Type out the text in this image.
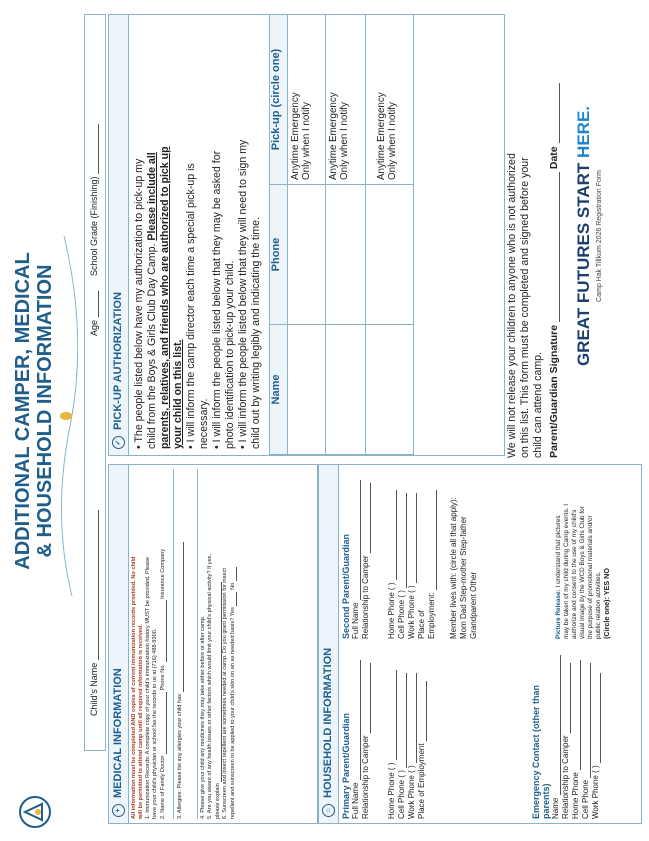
ADDITIONAL CAMPER, MEDICAL & HOUSEHOLD INFORMATION
Child's Name
Age
School Grade (Finishing)
+
MEDICAL INFORMATION All information must be completed AND copies of current immunization records provided. No child will be permitted to attend camp until all required information is received. 1. Immunization Records: A complete copy of your child's immunization history MUST be provided. Please have your child's physician or school fax the records to us at (716) 488-9300. 2. Name of Family Doctor  Phone No.  Insurance Company
3. Allergies: Please list any allergies your child has	4. Please give your child any medicines they may take either before or after camp. 5. Are you aware of any health issues or other factors which would limit your child's physical activity? If yes, please explain 6. Sunscreen and insect repellent are sometimes needed at camp. Do you grant permission for insect repellant and sunscreen to be applied to your child's skin on an as needed basis? Yes  No
⌂
HOUSEHOLD INFORMATION Primary Parent/Guardian Full Name Relationship to Camper Home Phone ( )
Cell Phone ( ) Work Phone ( ) Place of Employment
Second Parent/Guardian Full Name Relationship to Camper Home Phone ( )
Cell Phone ( ) Work Phone ( )
Place of Employment: Member lives with: (circle all that apply): Mom Dad Step-mother Step-father Grandparent Other
Emergency Contact (other than parents) Name Relationship to Camper Home Phone Cell Phone Work Phone ( )
Picture Release: I understand that pictures may be taken of my child during Camp events. I authorize and consent to the use of my child's visual image by the WCD Boys & Girls Club for the purpose of promotional materials and/or public relation activities. (Circle one): YES NO
✓
PICK-UP AUTHORIZATION • The people listed below have my authorization to pick-up my child from the Boys & Girls Club Day Camp. Please include all parents, relatives, and friends who are authorized to pick up your child on this list. • I will inform the camp director each time a special pick-up is necessary. • I will inform the people listed below that they may be asked for photo identification to pick-up your child. • I will inform the people listed below that they will need to sign my child out by writing legibly and indicating the time. Name	Phone	Pick-up (circle one)

		Anytime Emergency Only when I notify

		Anytime Emergency Only when I notify

		Anytime Emergency Only when I notify
We will not release your children to anyone who is not authorized on this list. This form must be completed and signed before your child can attend camp. Parent/Guardian Signature  Date
GREAT FUTURES START HERE.
Camp Hak Tillkum 2026 Registration Form
